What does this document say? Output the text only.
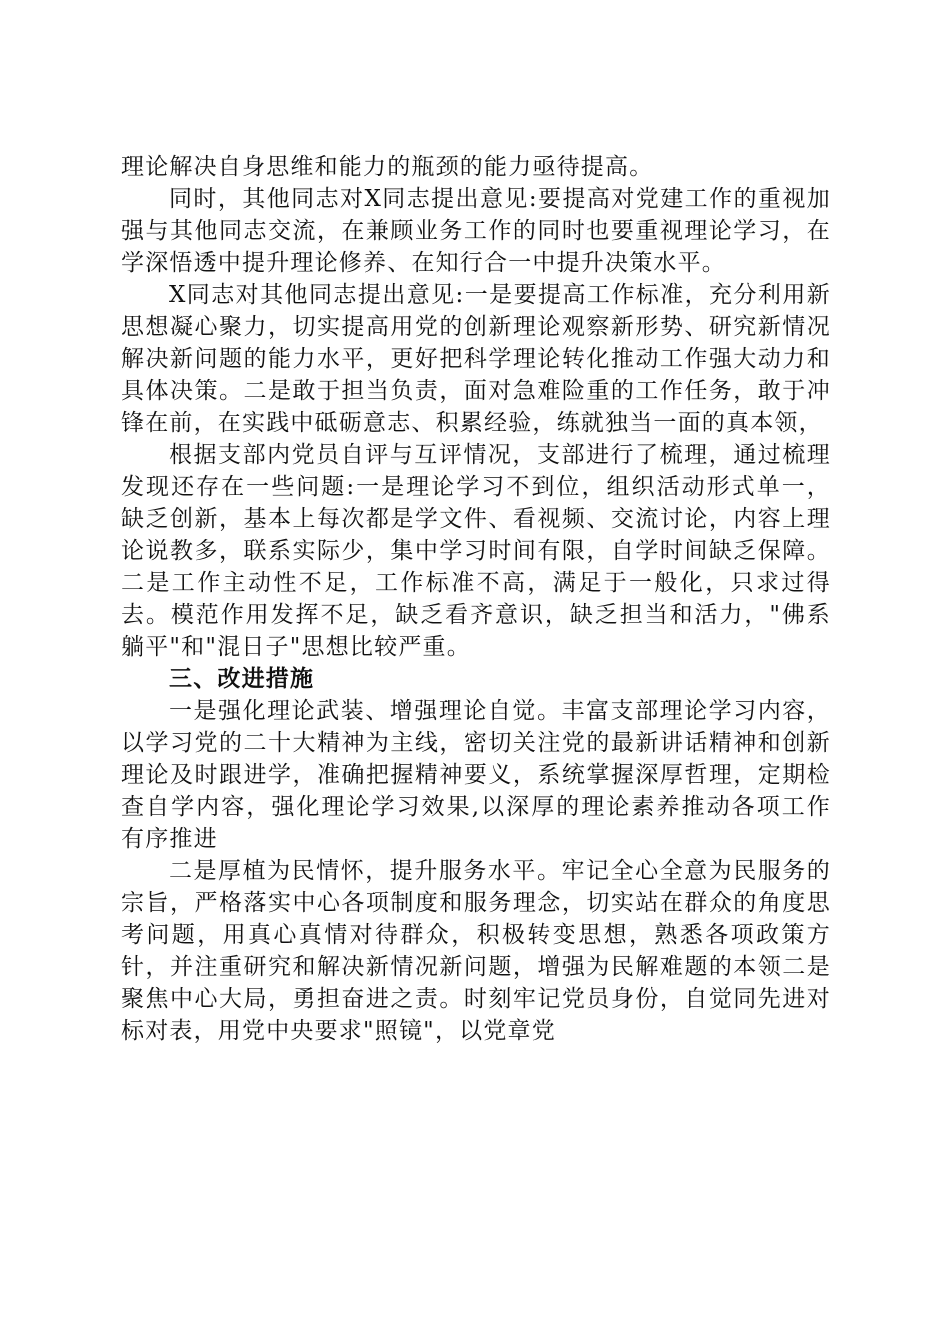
理论解决自身思维和能力的瓶颈的能力亟待提高。

同时，其他同志对X同志提出意见:要提高对党建工作的重视加强与其他同志交流，在兼顾业务工作的同时也要重视理论学习，在学深悟透中提升理论修养、在知行合一中提升决策水平。

X同志对其他同志提出意见:一是要提高工作标准，充分利用新思想凝心聚力，切实提高用党的创新理论观察新形势、研究新情况解决新问题的能力水平，更好把科学理论转化推动工作强大动力和具体决策。二是敢于担当负责，面对急难险重的工作任务，敢于冲锋在前，在实践中砥砺意志、积累经验，练就独当一面的真本领，

根据支部内党员自评与互评情况，支部进行了梳理，通过梳理发现还存在一些问题:一是理论学习不到位，组织活动形式单一，缺乏创新，基本上每次都是学文件、看视频、交流讨论，内容上理论说教多，联系实际少，集中学习时间有限，自学时间缺乏保障。二是工作主动性不足，工作标准不高，满足于一般化，只求过得去。模范作用发挥不足，缺乏看齐意识，缺乏担当和活力，"佛系躺平"和"混日子"思想比较严重。

三、改进措施

一是强化理论武装、增强理论自觉。丰富支部理论学习内容，以学习党的二十大精神为主线，密切关注党的最新讲话精神和创新理论及时跟进学，准确把握精神要义，系统掌握深厚哲理，定期检查自学内容，强化理论学习效果,以深厚的理论素养推动各项工作有序推进

二是厚植为民情怀，提升服务水平。牢记全心全意为民服务的宗旨，严格落实中心各项制度和服务理念，切实站在群众的角度思考问题，用真心真情对待群众，积极转变思想，熟悉各项政策方针，并注重研究和解决新情况新问题，增强为民解难题的本领二是聚焦中心大局，勇担奋进之责。时刻牢记党员身份，自觉同先进对标对表，用党中央要求"照镜"，以党章党
